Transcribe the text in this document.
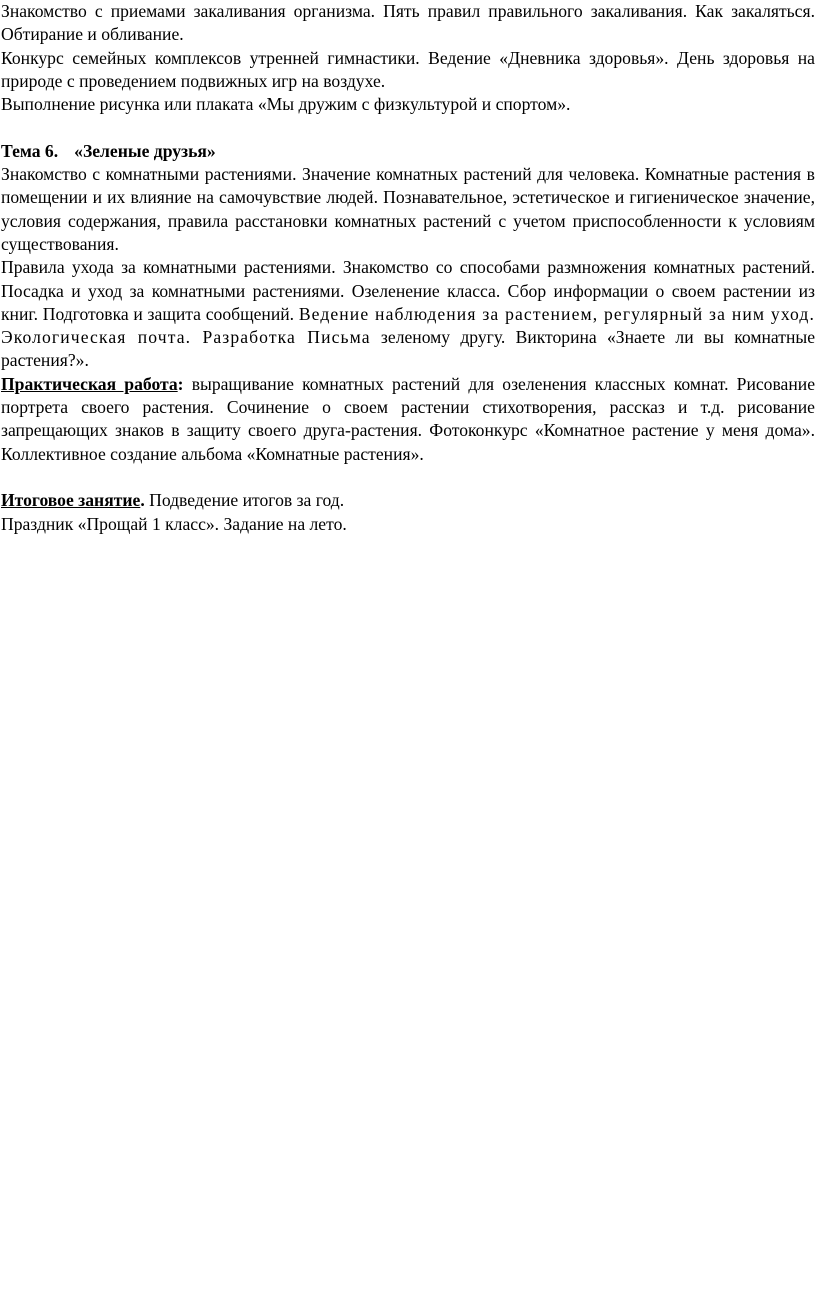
Знакомство с приемами закаливания организма. Пять правил правильного закаливания. Как закаляться. Обтирание и обливание.

Конкурс семейных комплексов утренней гимнастики. Ведение «Дневника здоровья». День здоровья на природе с проведением подвижных игр на воздухе.

Выполнение рисунка или плаката «Мы дружим с физкультурой и спортом».

Тема 6. «Зеленые друзья»

Знакомство с комнатными растениями. Значение комнатных растений для человека. Комнатные растения в помещении и их влияние на самочувствие людей. Познавательное, эстетическое и гигиеническое значение, условия содержания, правила расстановки комнатных растений с учетом приспособленности к условиям существования.

Правила ухода за комнатными растениями. Знакомство со способами размножения комнатных растений. Посадка и уход за комнатными растениями. Озеленение класса. Сбор информации о своем растении из книг. Подготовка и защита сообщений. Ведение наблюдения за растением, регулярный за ним уход. Экологическая почта. Разработка Письма зеленому другу. Викторина «Знаете ли вы комнатные растения?».

Практическая работа: выращивание комнатных растений для озеленения классных комнат. Рисование портрета своего растения. Сочинение о своем растении стихотворения, рассказ и т.д. рисование запрещающих знаков в защиту своего друга-растения. Фотоконкурс «Комнатное растение у меня дома». Коллективное создание альбома «Комнатные растения».

Итоговое занятие. Подведение итогов за год.

Праздник «Прощай 1 класс». Задание на лето.
